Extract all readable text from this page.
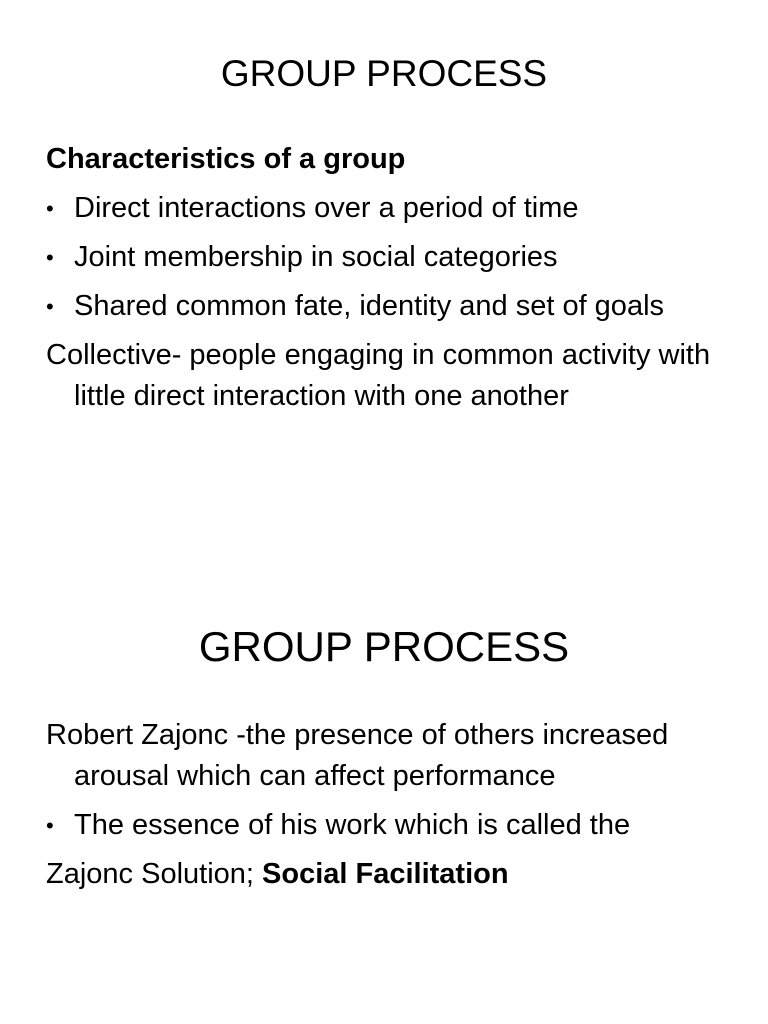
GROUP PROCESS

Characteristics of a group

• Direct interactions over a period of time
• Joint membership in social categories
• Shared common fate, identity and set of goals

Collective- people engaging in common activity with little direct interaction with one another

GROUP PROCESS

Robert Zajonc -the presence of others increased arousal which can affect performance

• The essence of his work which is called the

Zajonc Solution; Social Facilitation
